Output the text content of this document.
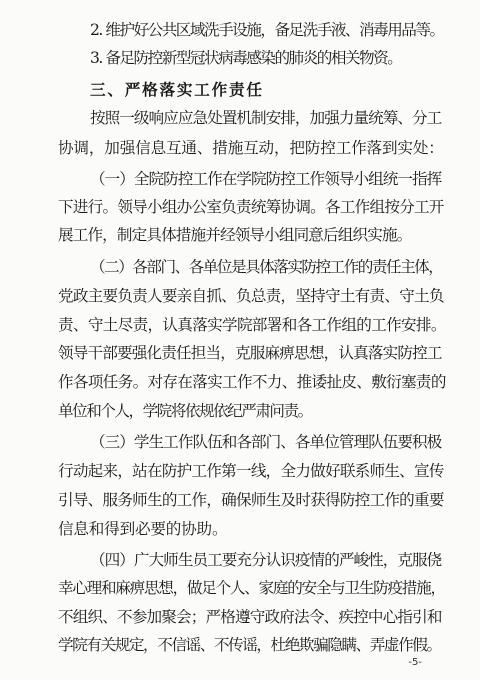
2. 维护好公共区域洗手设施，备足洗手液、消毒用品等。
3. 备足防控新型冠状病毒感染的肺炎的相关物资。
三、严格落实工作责任
按照一级响应应急处置机制安排，加强力量统筹、分工
协调，加强信息互通、措施互动，把防控工作落到实处：
（一）全院防控工作在学院防控工作领导小组统一指挥
下进行。领导小组办公室负责统筹协调。各工作组按分工开
展工作，制定具体措施并经领导小组同意后组织实施。
（二）各部门、各单位是具体落实防控工作的责任主体，
党政主要负责人要亲自抓、负总责，坚持守土有责、守土负
责、守土尽责，认真落实学院部署和各工作组的工作安排。
领导干部要强化责任担当，克服麻痹思想，认真落实防控工
作各项任务。对存在落实工作不力、推诿扯皮、敷衍塞责的
单位和个人，学院将依规依纪严肃问责。
（三）学生工作队伍和各部门、各单位管理队伍要积极
行动起来，站在防护工作第一线，全力做好联系师生、宣传
引导、服务师生的工作，确保师生及时获得防控工作的重要
信息和得到必要的协助。
（四）广大师生员工要充分认识疫情的严峻性，克服侥
幸心理和麻痹思想，做足个人、家庭的安全与卫生防疫措施，
不组织、不参加聚会；严格遵守政府法令、疾控中心指引和
学院有关规定，不信谣、不传谣，杜绝欺骗隐瞒、弄虚作假。
-5-
